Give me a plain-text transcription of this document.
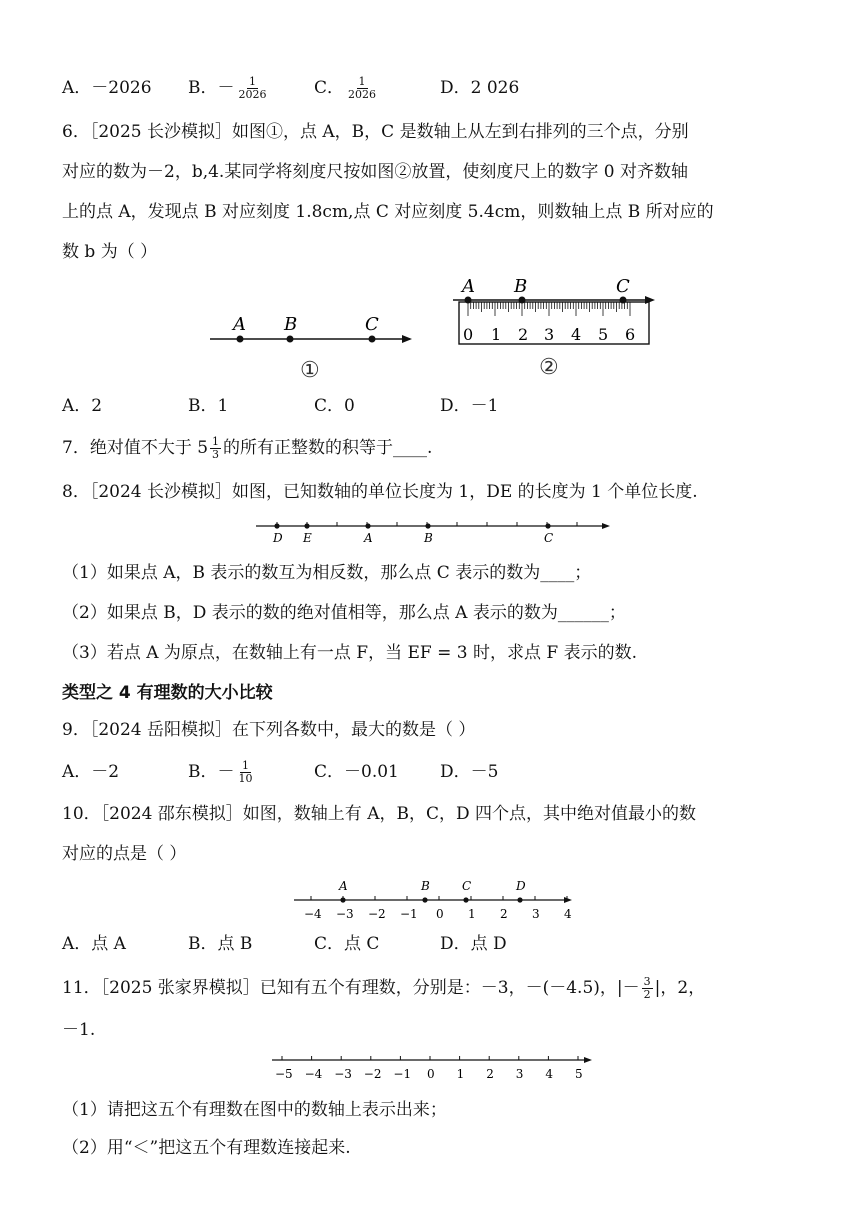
A．－2026 B．－ $\frac{1}{2026}$	C． $\frac{1}{2026}$	D．2 026
6．［2025 长沙模拟］如图①，点 A，B，C 是数轴上从左到右排列的三个点，分别
对应的数为－2，b,4.某同学将刻度尺按如图②放置，使刻度尺上的数字 0 对齐数轴
上的点 A，发现点 B 对应刻度 1.8cm,点 C 对应刻度 5.4cm，则数轴上点 B 所对应的
数 b 为（ ）
A B	C
①
A B	C
0 1 2 3 4 5 6
②
A．2	B．1	C．0	D．－1
7．绝对值不大于 $5 \frac{1}{3}$ 的所有正整数的积等于____.
8．［2024 长沙模拟］如图，已知数轴的单位长度为 1，DE 的长度为 1 个单位长度.
D E	A	B	C
（1）如果点 A，B 表示的数互为相反数，那么点 C 表示的数为____；
（2）如果点 B，D 表示的数的绝对值相等，那么点 A 表示的数为______；
（3）若点 A 为原点，在数轴上有一点 F，当 EF = 3 时，求点 F 表示的数.
类型之 4 有理数的大小比较
9．［2024 岳阳模拟］在下列各数中，最大的数是（ ）
A．－2	B．－ $\frac{1}{10}$	C．－0.01 D．－5
10．［2024 邵东模拟］如图，数轴上有 A，B，C，D 四个点，其中绝对值最小的数
对应的点是（ ）
A	B	C	D
−4 −3 −2 −1 0 1 2 3 4
A．点 A	B．点 B	C．点 C	D．点 D
11．［2025 张家界模拟］已知有五个有理数，分别是：－3，－(－4.5)，|－ $\frac{3}{2}$ |，2，
－1.
−5 −4 −3 −2 −1 0 1 2 3 4 5
（1）请把这五个有理数在图中的数轴上表示出来；
（2）用“＜”把这五个有理数连接起来.
